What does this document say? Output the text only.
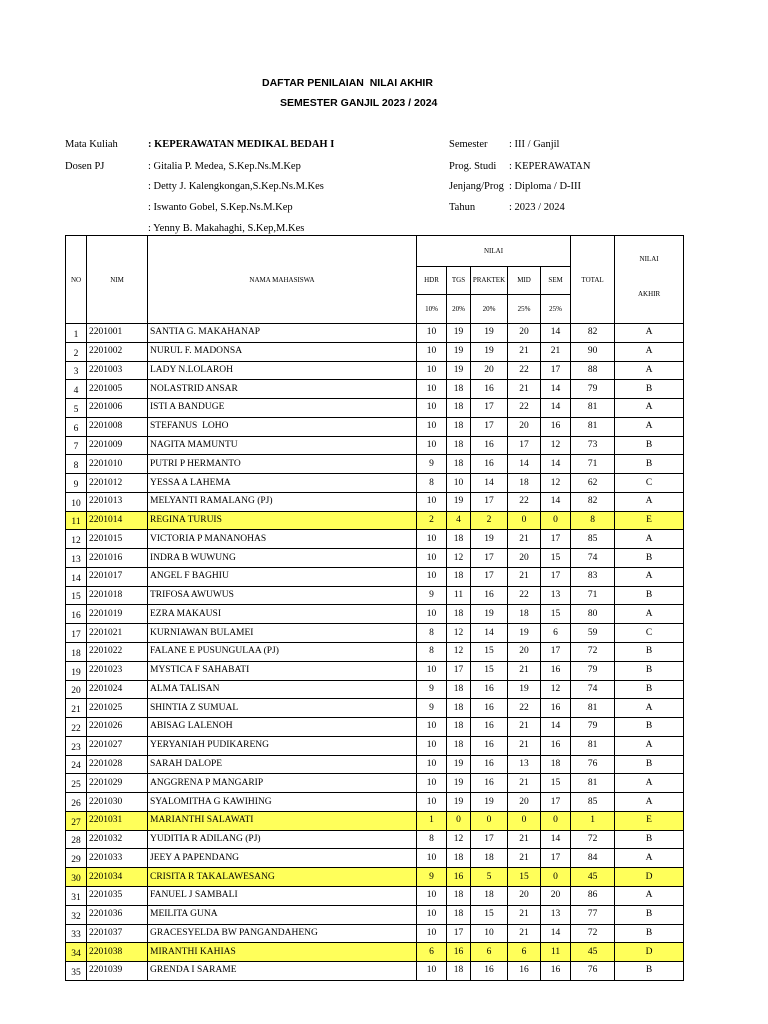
DAFTAR PENILAIAN  NILAI AKHIR
SEMESTER GANJIL 2023 / 2024
Mata Kuliah	: KEPERAWATAN MEDIKAL BEDAH I
Dosen PJ	: Gitalia P. Medea, S.Kep.Ns.M.Kep
: Detty J. Kalengkongan,S.Kep.Ns.M.Kes
: Iswanto Gobel, S.Kep.Ns.M.Kep
: Yenny B. Makahaghi, S.Kep,M.Kes
Semester : III / Ganjil
Prog. Studi : KEPERAWATAN
Jenjang/Prog : Diploma / D-III
Tahun	: 2023 / 2024
NO	NIM	NAMA MAHASISWA	NILAI					TOTAL	NILAI

AKHIR

			HDR	TGS	PRAKTEK	MID	SEM		
			10%	20%	20%	25%	25%		
1	2201001	SANTIA G. MAKAHANAP	10	19	19	20	14	82	A
2	2201002	NURUL F. MADONSA	10	19	19	21	21	90	A
3	2201003	LADY N.LOLAROH	10	19	20	22	17	88	A
4	2201005	NOLASTRID ANSAR	10	18	16	21	14	79	B
5	2201006	ISTI A BANDUGE	10	18	17	22	14	81	A
6	2201008	STEFANUS  LOHO	10	18	17	20	16	81	A
7	2201009	NAGITA MAMUNTU	10	18	16	17	12	73	B
8	2201010	PUTRI P HERMANTO	9	18	16	14	14	71	B
9	2201012	YESSA A LAHEMA	8	10	14	18	12	62	C
10	2201013	MELYANTI RAMALANG (PJ)	10	19	17	22	14	82	A
11	2201014	REGINA TURUIS	2	4	2	0	0	8	E
12	2201015	VICTORIA P MANANOHAS	10	18	19	21	17	85	A
13	2201016	INDRA B WUWUNG	10	12	17	20	15	74	B
14	2201017	ANGEL F BAGHIU	10	18	17	21	17	83	A
15	2201018	TRIFOSA AWUWUS	9	11	16	22	13	71	B
16	2201019	EZRA MAKAUSI	10	18	19	18	15	80	A
17	2201021	KURNIAWAN BULAMEI	8	12	14	19	6	59	C
18	2201022	FALANE E PUSUNGULAA (PJ)	8	12	15	20	17	72	B
19	2201023	MYSTICA F SAHABATI	10	17	15	21	16	79	B
20	2201024	ALMA TALISAN	9	18	16	19	12	74	B
21	2201025	SHINTIA Z SUMUAL	9	18	16	22	16	81	A
22	2201026	ABISAG LALENOH	10	18	16	21	14	79	B
23	2201027	YERYANIAH PUDIKARENG	10	18	16	21	16	81	A
24	2201028	SARAH DALOPE	10	19	16	13	18	76	B
25	2201029	ANGGRENA P MANGARIP	10	19	16	21	15	81	A
26	2201030	SYALOMITHA G KAWIHING	10	19	19	20	17	85	A
27	2201031	MARIANTHI SALAWATI	1	0	0	0	0	1	E
28	2201032	YUDITIA R ADILANG (PJ)	8	12	17	21	14	72	B
29	2201033	JEEY A PAPENDANG	10	18	18	21	17	84	A
30	2201034	CRISITA R TAKALAWESANG	9	16	5	15	0	45	D
31	2201035	FANUEL J SAMBALI	10	18	18	20	20	86	A
32	2201036	MEILITA GUNA	10	18	15	21	13	77	B
33	2201037	GRACESYELDA BW PANGANDAHENG	10	17	10	21	14	72	B
34	2201038	MIRANTHI KAHIAS	6	16	6	6	11	45	D
35	2201039	GRENDA I SARAME	10	18	16	16	16	76	B
